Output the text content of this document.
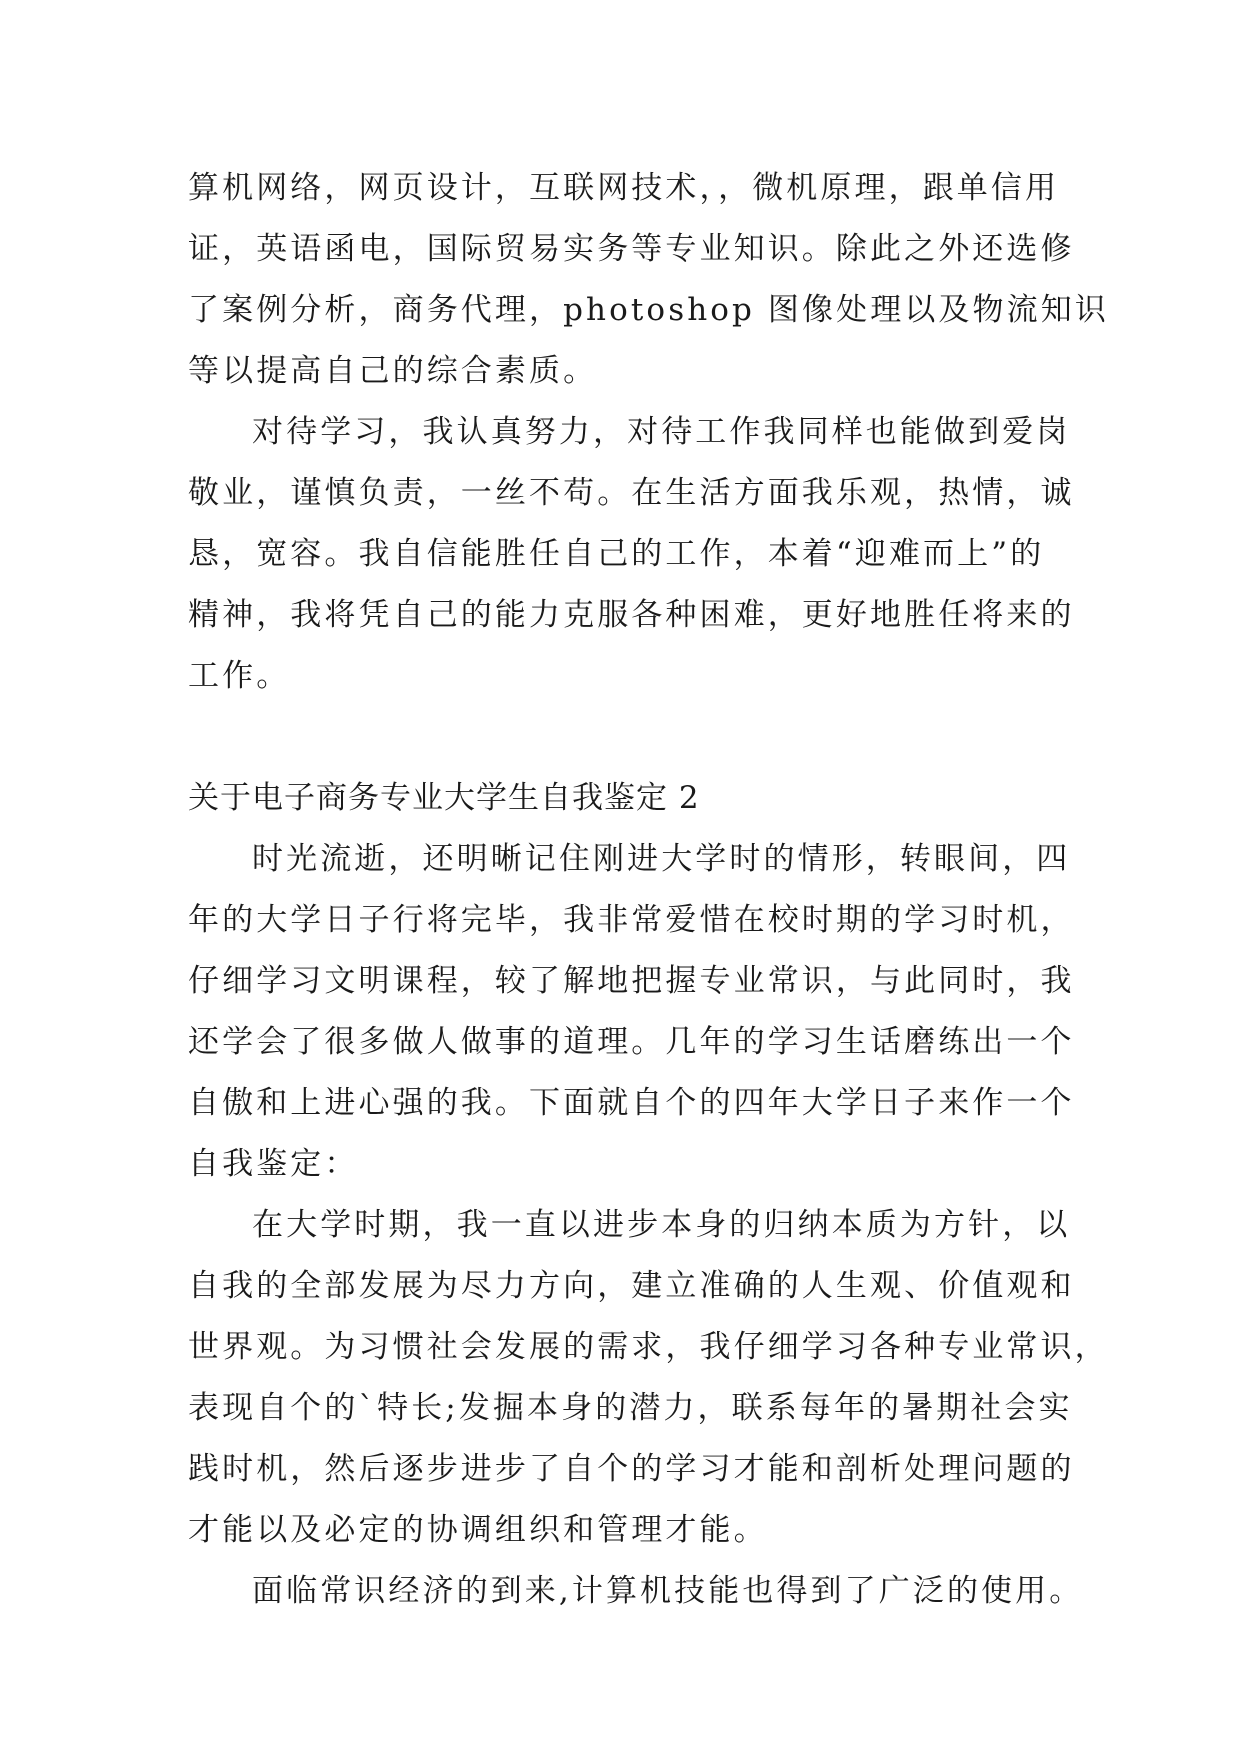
算机网络，网页设计，互联网技术，，微机原理，跟单信用
证，英语函电，国际贸易实务等专业知识。除此之外还选修
了案例分析，商务代理，photoshop 图像处理以及物流知识
等以提高自己的综合素质。
对待学习，我认真努力，对待工作我同样也能做到爱岗
敬业，谨慎负责，一丝不苟。在生活方面我乐观，热情，诚
恳，宽容。我自信能胜任自己的工作，本着“迎难而上”的
精神，我将凭自己的能力克服各种困难，更好地胜任将来的
工作。
关于电子商务专业大学生自我鉴定 2
时光流逝，还明晰记住刚进大学时的情形，转眼间，四
年的大学日子行将完毕，我非常爱惜在校时期的学习时机，
仔细学习文明课程，较了解地把握专业常识，与此同时，我
还学会了很多做人做事的道理。几年的学习生话磨练出一个
自傲和上进心强的我。下面就自个的四年大学日子来作一个
自我鉴定：
在大学时期，我一直以进步本身的归纳本质为方针，以
自我的全部发展为尽力方向，建立准确的人生观、价值观和
世界观。为习惯社会发展的需求，我仔细学习各种专业常识，
表现自个的`特长;发掘本身的潜力，联系每年的暑期社会实
践时机，然后逐步进步了自个的学习才能和剖析处理问题的
才能以及必定的协调组织和管理才能。
面临常识经济的到来,计算机技能也得到了广泛的使用。
